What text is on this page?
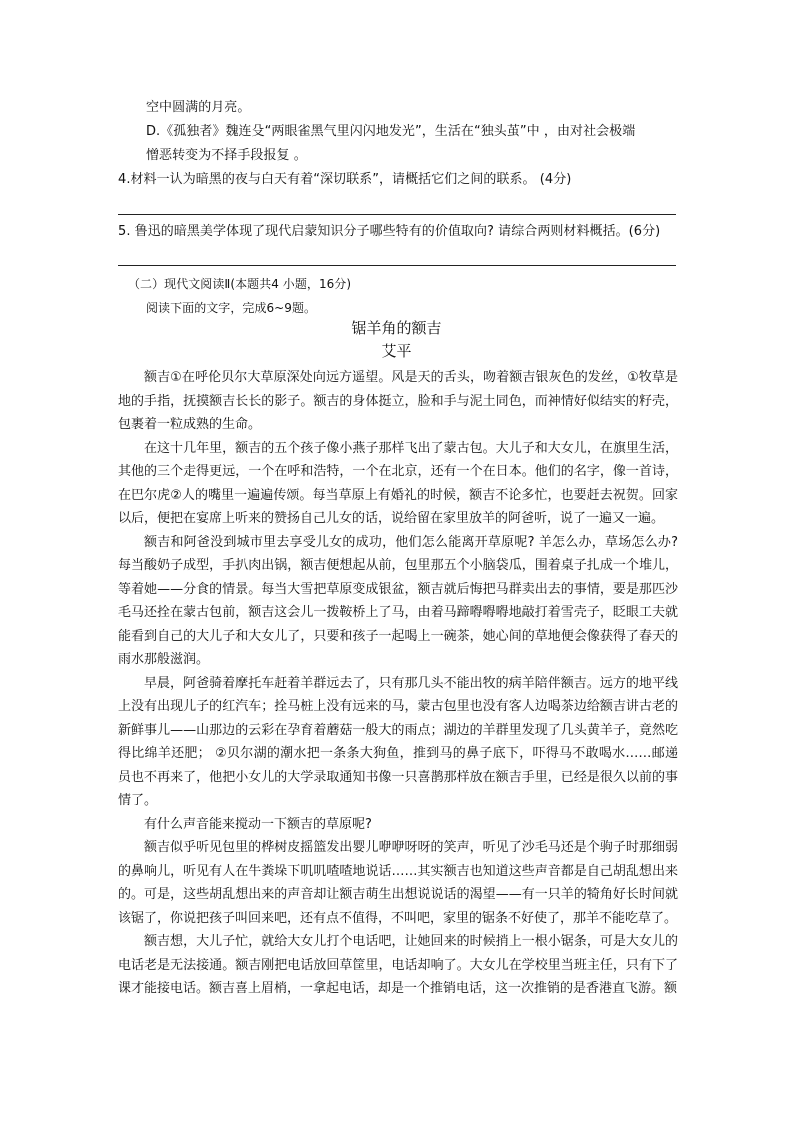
空中圆满的月亮。
D.《孤独者》魏连殳“两眼雀黑气里闪闪地发光”，生活在“独头茧”中 ，由对社会极端
憎恶转变为不择手段报复 。
4.材料一认为暗黑的夜与白天有着“深切联系”，请概括它们之间的联系。 (4分)
5. 鲁迅的暗黑美学体现了现代启蒙知识分子哪些特有的价值取向? 请综合两则材料概括。(6分)
（二）现代文阅读Ⅱ(本题共4 小题，16分)
阅读下面的文字，完成6~9题。
锯羊角的额吉
艾平

额吉①在呼伦贝尔大草原深处向远方遥望。风是天的舌头，吻着额吉银灰色的发丝，①牧草是地的手指，抚摸额吉长长的影子。额吉的身体挺立，脸和手与泥土同色，而神情好似结实的籽壳，包裹着一粒成熟的生命。

在这十几年里，额吉的五个孩子像小燕子那样飞出了蒙古包。大儿子和大女儿，在旗里生活，其他的三个走得更远，一个在呼和浩特，一个在北京，还有一个在日本。他们的名字，像一首诗，在巴尔虎②人的嘴里一遍遍传颂。每当草原上有婚礼的时候，额吉不论多忙，也要赶去祝贺。回家以后，便把在宴席上听来的赞扬自己儿女的话，说给留在家里放羊的阿爸听，说了一遍又一遍。

额吉和阿爸没到城市里去享受儿女的成功，他们怎么能离开草原呢? 羊怎么办，草场怎么办? 每当酸奶子成型，手扒肉出锅，额吉便想起从前，包里那五个小脑袋瓜，围着桌子扎成一个堆儿，等着她——分食的情景。每当大雪把草原变成银盆，额吉就后悔把马群卖出去的事情，要是那匹沙毛马还拴在蒙古包前，额吉这会儿一拨鞍桥上了马，由着马蹄嘚嘚嘚地敲打着雪壳子，眨眼工夫就能看到自己的大儿子和大女儿了，只要和孩子一起喝上一碗茶，她心间的草地便会像获得了春天的雨水那般滋润。

早晨，阿爸骑着摩托车赶着羊群远去了，只有那几头不能出牧的病羊陪伴额吉。远方的地平线上没有出现儿子的红汽车；拴马桩上没有远来的马，蒙古包里也没有客人边喝茶边给额吉讲古老的新鲜事儿——山那边的云彩在孕育着蘑菇一般大的雨点；湖边的羊群里发现了几头黄羊子，竟然吃得比绵羊还肥； ②贝尔湖的潮水把一条条大狗鱼，推到马的鼻子底下，吓得马不敢喝水……邮递员也不再来了，他把小女儿的大学录取通知书像一只喜鹊那样放在额吉手里，已经是很久以前的事情了。

有什么声音能来搅动一下额吉的草原呢?

额吉似乎听见包里的桦树皮摇篮发出婴儿咿咿呀呀的笑声，听见了沙毛马还是个驹子时那细弱的鼻响儿，听见有人在牛粪垛下叽叽喳喳地说话……其实额吉也知道这些声音都是自己胡乱想出来的。可是，这些胡乱想出来的声音却让额吉萌生出想说说话的渴望——有一只羊的犄角好长时间就该锯了，你说把孩子叫回来吧，还有点不值得，不叫吧，家里的锯条不好使了，那羊不能吃草了。

额吉想，大儿子忙，就给大女儿打个电话吧，让她回来的时候捎上一根小锯条，可是大女儿的电话老是无法接通。额吉刚把电话放回草筐里，电话却响了。大女儿在学校里当班主任，只有下了课才能接电话。额吉喜上眉梢，一拿起电话，却是一个推销电话，这一次推销的是香港直飞游。额
